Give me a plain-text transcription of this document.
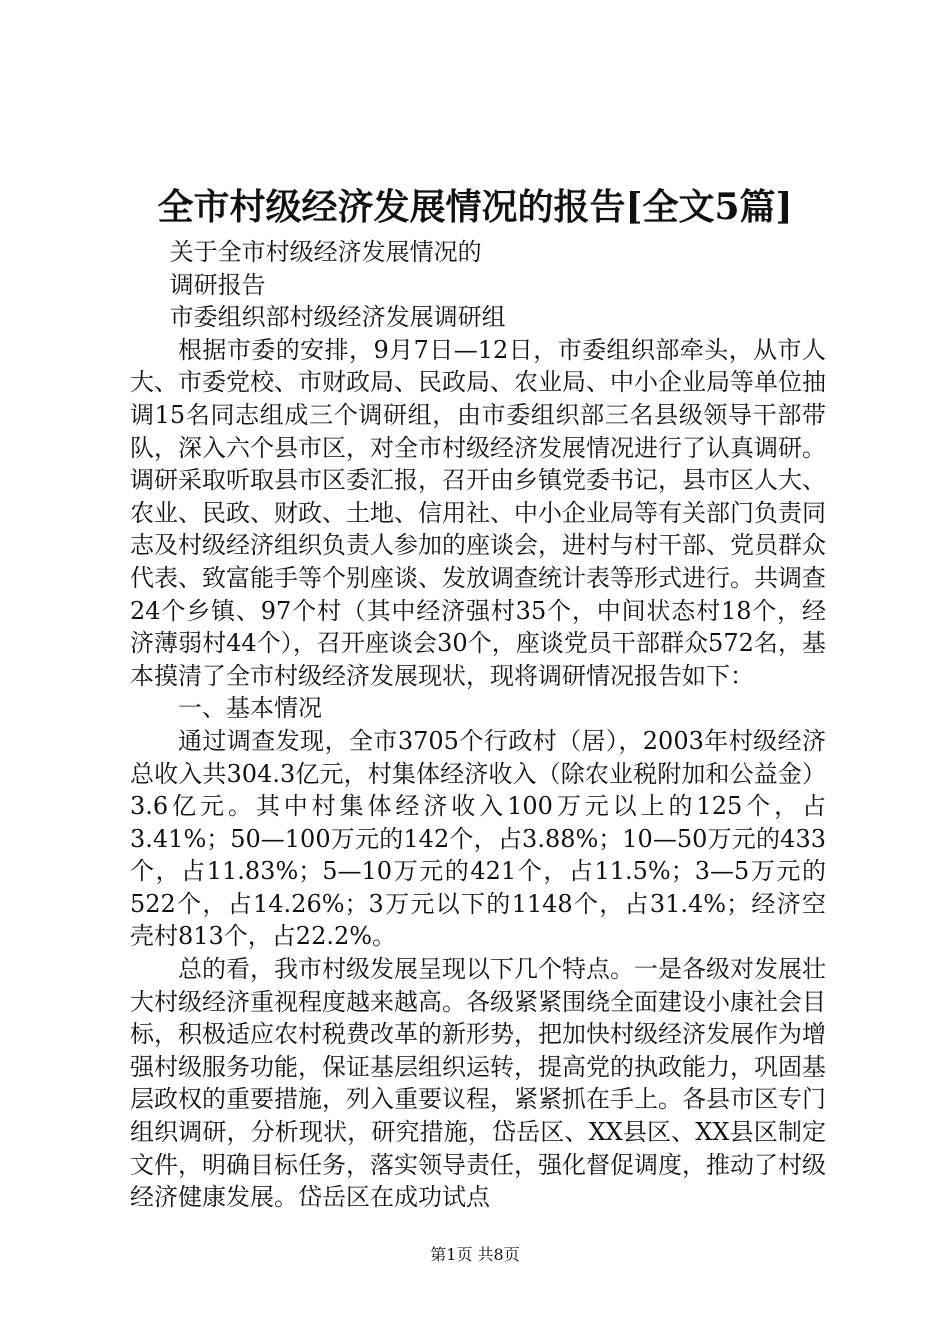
全市村级经济发展情况的报告[全文5篇]

关于全市村级经济发展情况的

调研报告

市委组织部村级经济发展调研组

根据市委的安排，9月7日—12日，市委组织部牵头，从市人大、市委党校、市财政局、民政局、农业局、中小企业局等单位抽调15名同志组成三个调研组，由市委组织部三名县级领导干部带队，深入六个县市区，对全市村级经济发展情况进行了认真调研。调研采取听取县市区委汇报，召开由乡镇党委书记，县市区人大、农业、民政、财政、土地、信用社、中小企业局等有关部门负责同志及村级经济组织负责人参加的座谈会，进村与村干部、党员群众代表、致富能手等个别座谈、发放调查统计表等形式进行。共调查24个乡镇、97个村（其中经济强村35个，中间状态村18个，经济薄弱村44个），召开座谈会30个，座谈党员干部群众572名，基本摸清了全市村级经济发展现状，现将调研情况报告如下：

一、基本情况

通过调查发现，全市3705个行政村（居），2003年村级经济总收入共304.3亿元，村集体经济收入（除农业税附加和公益金）3.6亿元。其中村集体经济收入100万元以上的125个，占3.41%；50—100万元的142个，占3.88%；10—50万元的433个，占11.83%；5—10万元的421个，占11.5%；3—5万元的522个，占14.26%；3万元以下的1148个，占31.4%；经济空壳村813个，占22.2%。

总的看，我市村级发展呈现以下几个特点。一是各级对发展壮大村级经济重视程度越来越高。各级紧紧围绕全面建设小康社会目标，积极适应农村税费改革的新形势，把加快村级经济发展作为增强村级服务功能，保证基层组织运转，提高党的执政能力，巩固基层政权的重要措施，列入重要议程，紧紧抓在手上。各县市区专门组织调研，分析现状，研究措施，岱岳区、XX县区、XX县区制定文件，明确目标任务，落实领导责任，强化督促调度，推动了村级经济健康发展。岱岳区在成功试点

第1页 共8页
